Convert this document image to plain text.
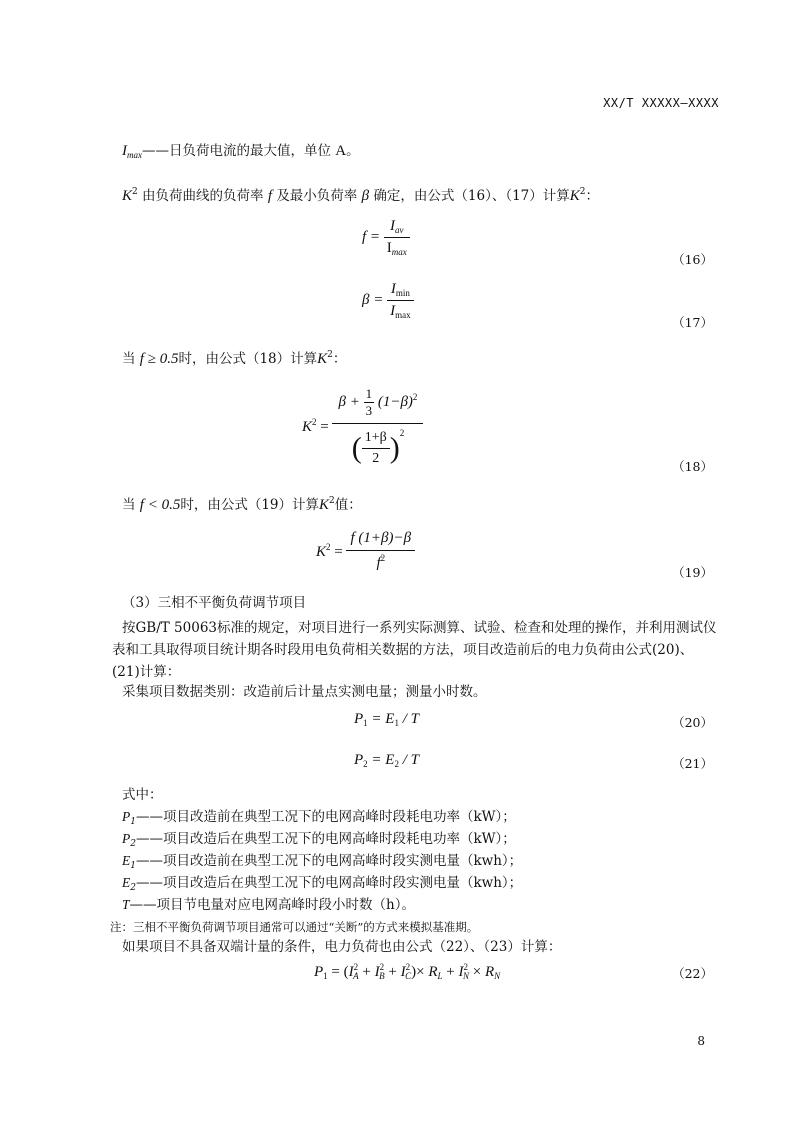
XX/T XXXXX—XXXX
$I_{max}——$日负荷电流的最大值，单位 A。
$K^2$ 由负荷曲线的负荷率 f 及最小负荷率 β 确定，由公式（16）、（17）计算$K^2$：
$f = \frac{I_{av}}{I_{max}}$
（16）
$\beta = \frac{I_{min}}{I_{max}}$
（17）
当 f ≥ 0.5时，由公式（18）计算$K^2$：
$K^2 = \frac{\beta + \frac{1}{3} (1-\beta)^2}{( \frac{1+\beta}{2} )^2}$	（18）
当 f < 0.5时，由公式（19）计算$K^2$值：
$K^2 = \frac{f (1+\beta)-\beta}{f^2}$
（19）
（3）三相不平衡负荷调节项目
按GB/T 50063标准的规定，对项目进行一系列实际测算、试验、检查和处理的操作，并利用测试仪表和工具取得项目统计期各时段用电负荷相关数据的方法，项目改造前后的电力负荷由公式(20)、(21)计算：
采集项目数据类别：改造前后计量点实测电量；测量小时数。
$P_1 = E_1 / T$	（20）
$P_2 = E_2 / T$	（21）
式中：
$P_1——$项目改造前在典型工况下的电网高峰时段耗电功率（kW）；
$P_2——$项目改造后在典型工况下的电网高峰时段耗电功率（kW）；
$E_1——$项目改造前在典型工况下的电网高峰时段实测电量（kwh）；
$E_2——$项目改造后在典型工况下的电网高峰时段实测电量（kwh）；
T——项目节电量对应电网高峰时段小时数（h）。
注：三相不平衡负荷调节项目通常可以通过“关断”的方式来模拟基准期。
如果项目不具备双端计量的条件，电力负荷也由公式（22）、（23）计算：
$P_1 = (I^2_A + I^2_B + I^2_C)\times R_L + I^2_N \times R_N$	（22）
8
